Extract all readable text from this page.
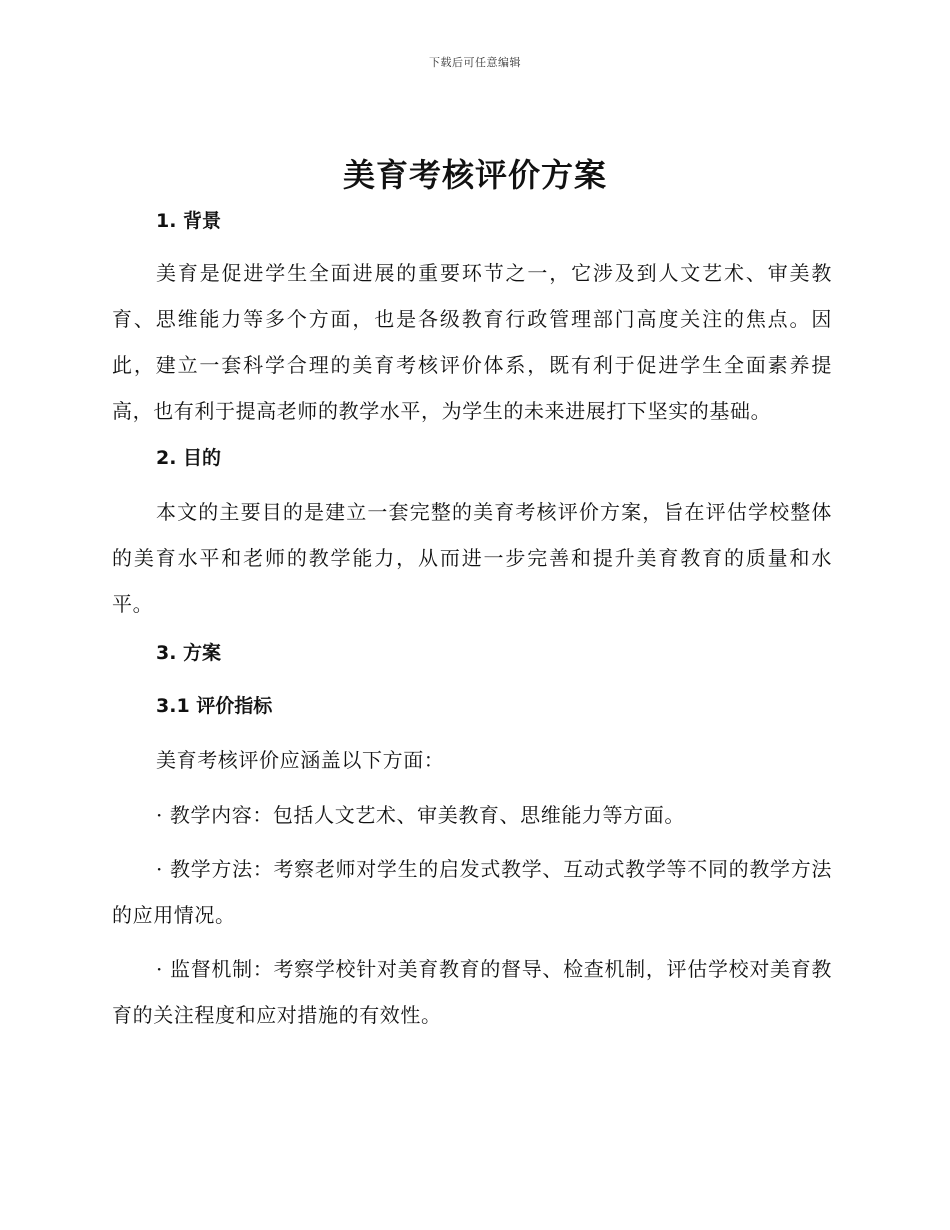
下载后可任意编辑
美育考核评价方案
1. 背景

美育是促进学生全面进展的重要环节之一，它涉及到人文艺术、审美教育、思维能力等多个方面，也是各级教育行政管理部门高度关注的焦点。因此，建立一套科学合理的美育考核评价体系，既有利于促进学生全面素养提高，也有利于提高老师的教学水平，为学生的未来进展打下坚实的基础。

2. 目的

本文的主要目的是建立一套完整的美育考核评价方案，旨在评估学校整体的美育水平和老师的教学能力，从而进一步完善和提升美育教育的质量和水平。

3. 方案
3.1 评价指标

美育考核评价应涵盖以下方面：

· 教学内容：包括人文艺术、审美教育、思维能力等方面。

· 教学方法：考察老师对学生的启发式教学、互动式教学等不同的教学方法的应用情况。

· 监督机制：考察学校针对美育教育的督导、检查机制，评估学校对美育教育的关注程度和应对措施的有效性。
